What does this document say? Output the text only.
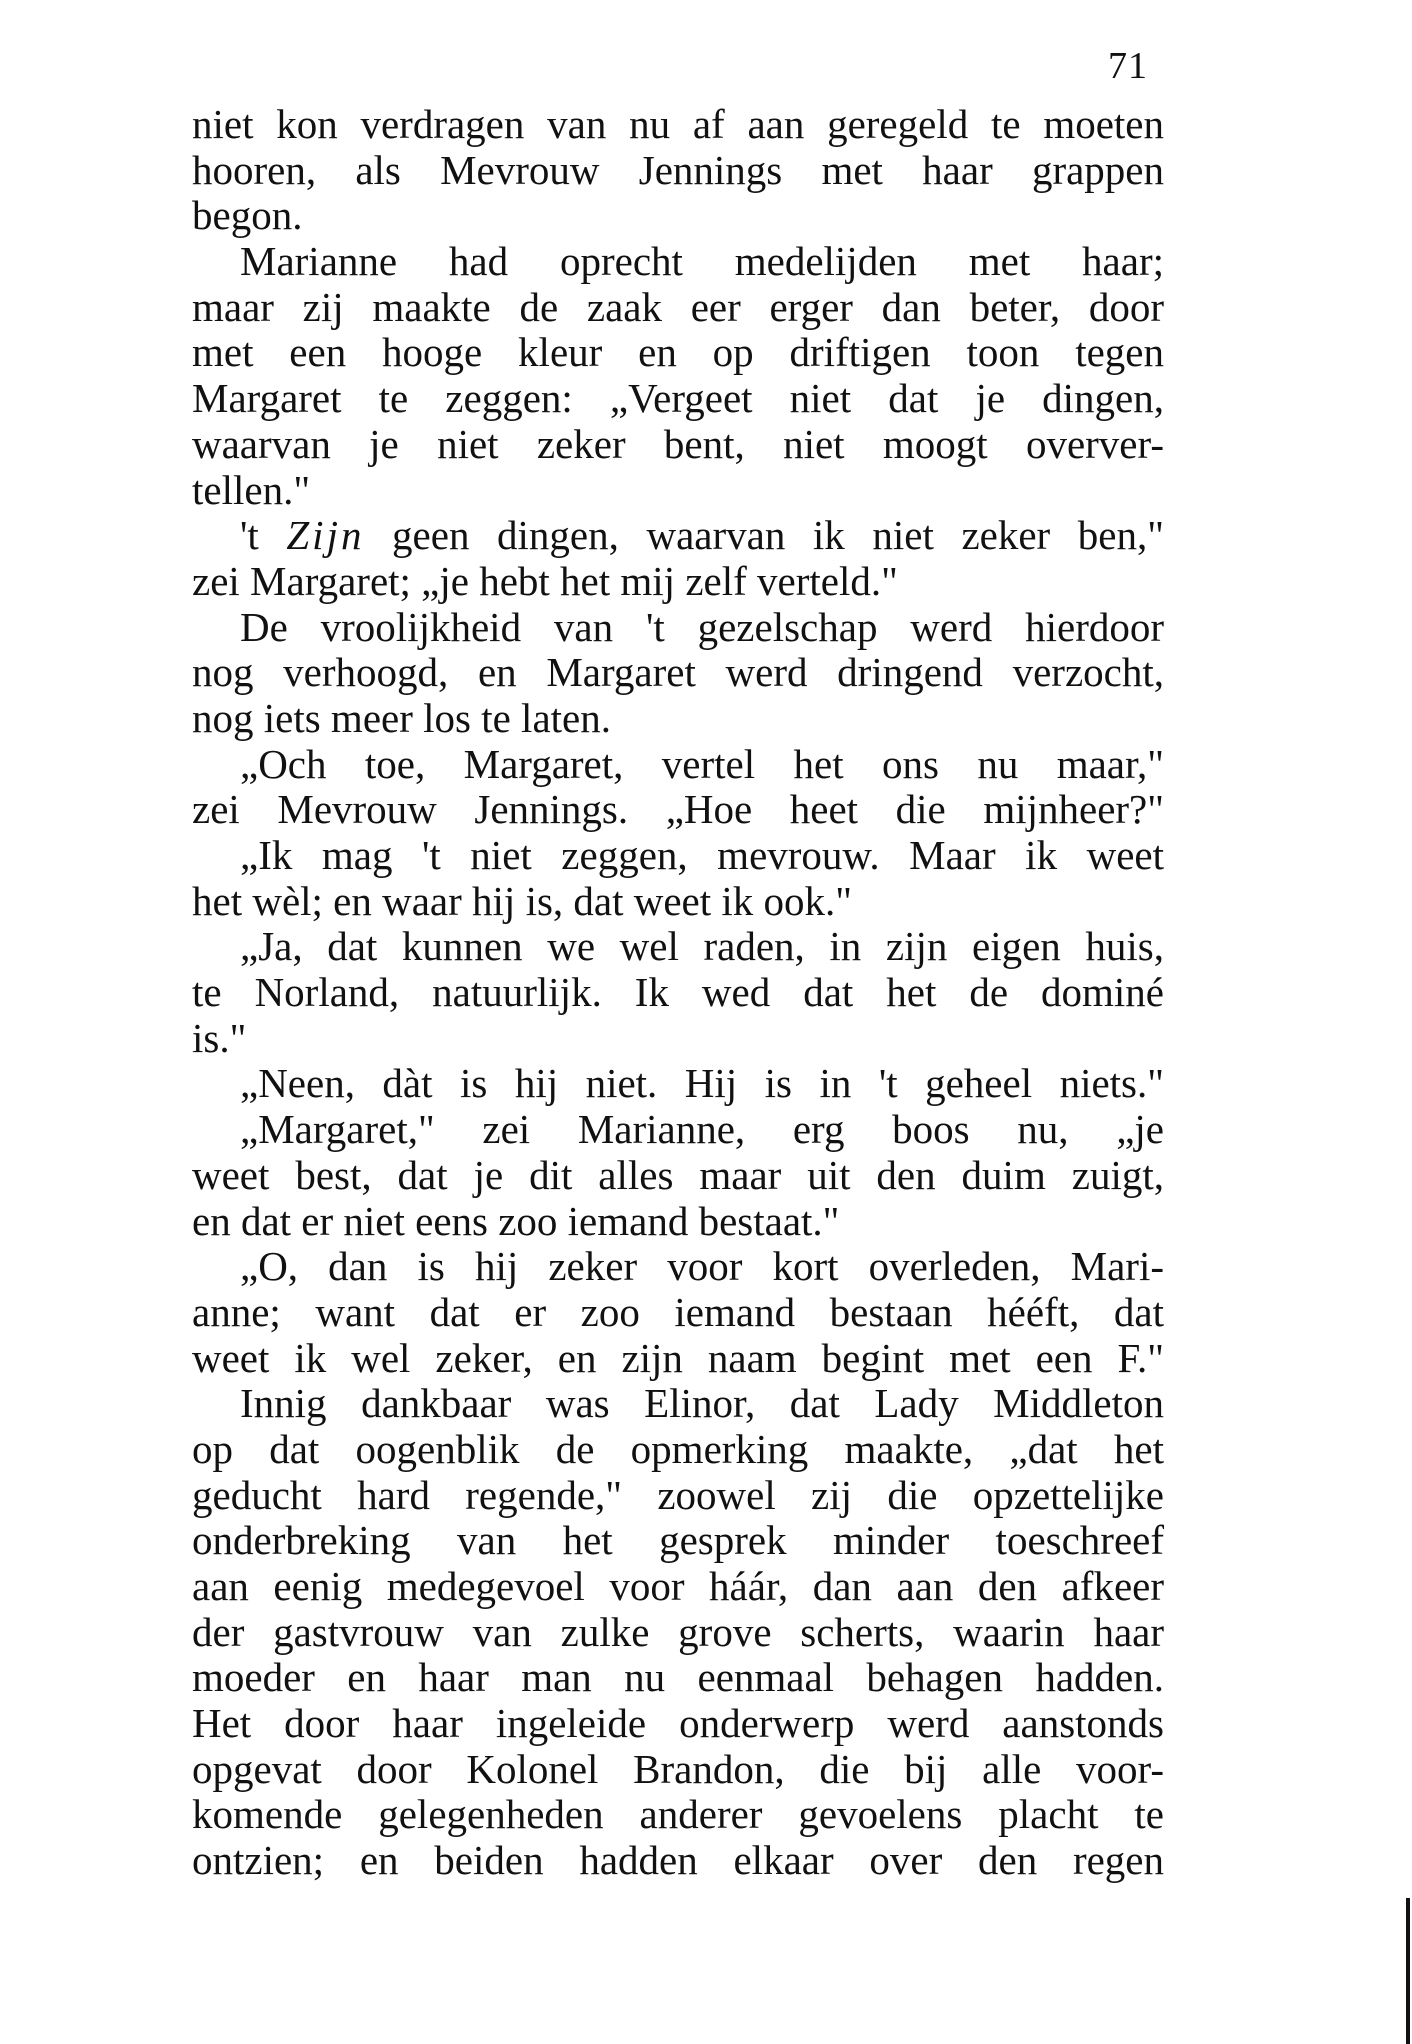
71
niet kon verdragen van nu af aan geregeld te moeten
hooren, als Mevrouw Jennings met haar grappen
begon.
Marianne had oprecht medelijden met haar;
maar zij maakte de zaak eer erger dan beter, door
met een hooge kleur en op driftigen toon tegen
Margaret te zeggen: „Vergeet niet dat je dingen,
waarvan je niet zeker bent, niet moogt overver-
tellen."
't Zijn geen dingen, waarvan ik niet zeker ben,"
zei Margaret; „je hebt het mij zelf verteld."
De vroolijkheid van 't gezelschap werd hierdoor
nog verhoogd, en Margaret werd dringend verzocht,
nog iets meer los te laten.
„Och toe, Margaret, vertel het ons nu maar,"
zei Mevrouw Jennings. „Hoe heet die mijnheer?"
„Ik mag 't niet zeggen, mevrouw. Maar ik weet
het wèl; en waar hij is, dat weet ik ook."
„Ja, dat kunnen we wel raden, in zijn eigen huis,
te Norland, natuurlijk. Ik wed dat het de dominé
is."
„Neen, dàt is hij niet. Hij is in 't geheel niets."
„Margaret," zei Marianne, erg boos nu, „je
weet best, dat je dit alles maar uit den duim zuigt,
en dat er niet eens zoo iemand bestaat."
„O, dan is hij zeker voor kort overleden, Mari-
anne; want dat er zoo iemand bestaan hééft, dat
weet ik wel zeker, en zijn naam begint met een F."
Innig dankbaar was Elinor, dat Lady Middleton
op dat oogenblik de opmerking maakte, „dat het
geducht hard regende," zoowel zij die opzettelijke
onderbreking van het gesprek minder toeschreef
aan eenig medegevoel voor háár, dan aan den afkeer
der gastvrouw van zulke grove scherts, waarin haar
moeder en haar man nu eenmaal behagen hadden.
Het door haar ingeleide onderwerp werd aanstonds
opgevat door Kolonel Brandon, die bij alle voor-
komende gelegenheden anderer gevoelens placht te
ontzien; en beiden hadden elkaar over den regen
